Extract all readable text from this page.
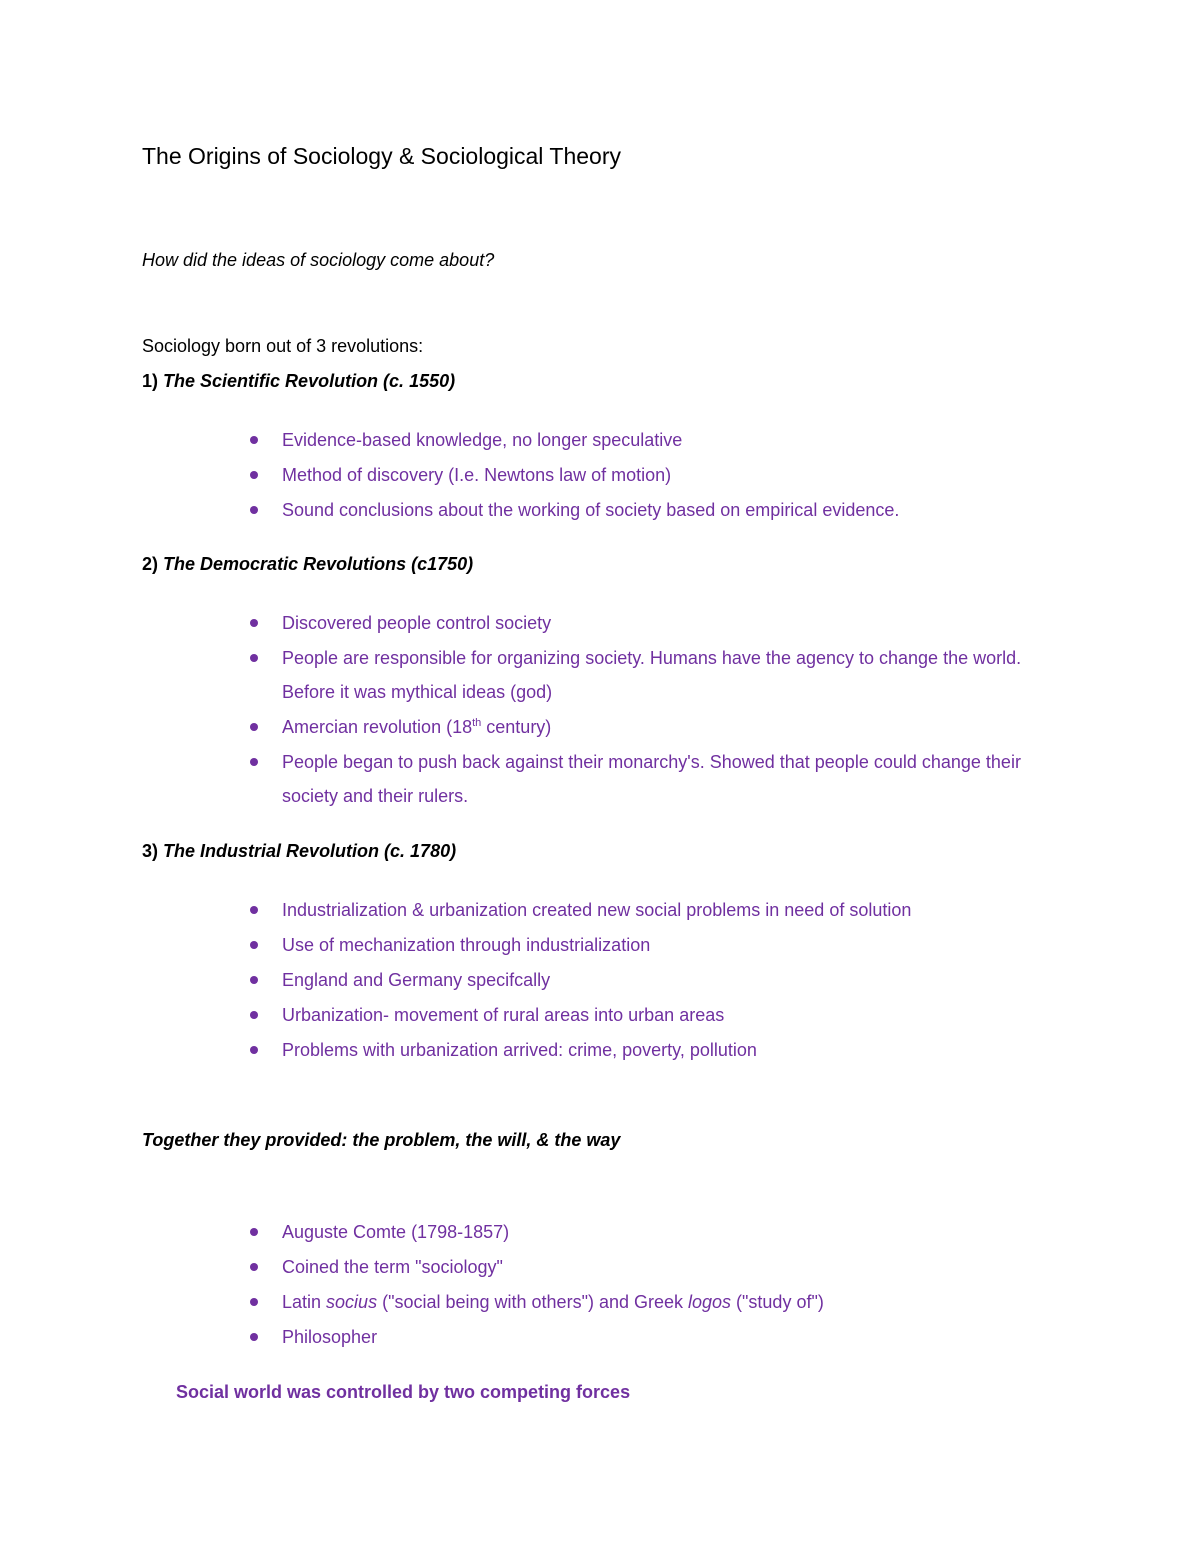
The Origins of Sociology & Sociological Theory
How did the ideas of sociology come about?
Sociology born out of 3 revolutions:
1) The Scientific Revolution (c. 1550)
Evidence-based knowledge, no longer speculative
Method of discovery (I.e. Newtons law of motion)
Sound conclusions about the working of society based on empirical evidence.
2) The Democratic Revolutions (c1750)
Discovered people control society
People are responsible for organizing society. Humans have the agency to change the world. Before it was mythical ideas (god)
Amercian revolution (18th century)
People began to push back against their monarchy's. Showed that people could change their society and their rulers.
3) The Industrial Revolution (c. 1780)
Industrialization & urbanization created new social problems in need of solution
Use of mechanization through industrialization
England and Germany specifcally
Urbanization- movement of rural areas into urban areas
Problems with urbanization arrived: crime, poverty, pollution
Together they provided: the problem, the will, & the way
Auguste Comte (1798-1857)
Coined the term "sociology"
Latin socius ("social being with others") and Greek logos ("study of")
Philosopher
Social world was controlled by two competing forces
